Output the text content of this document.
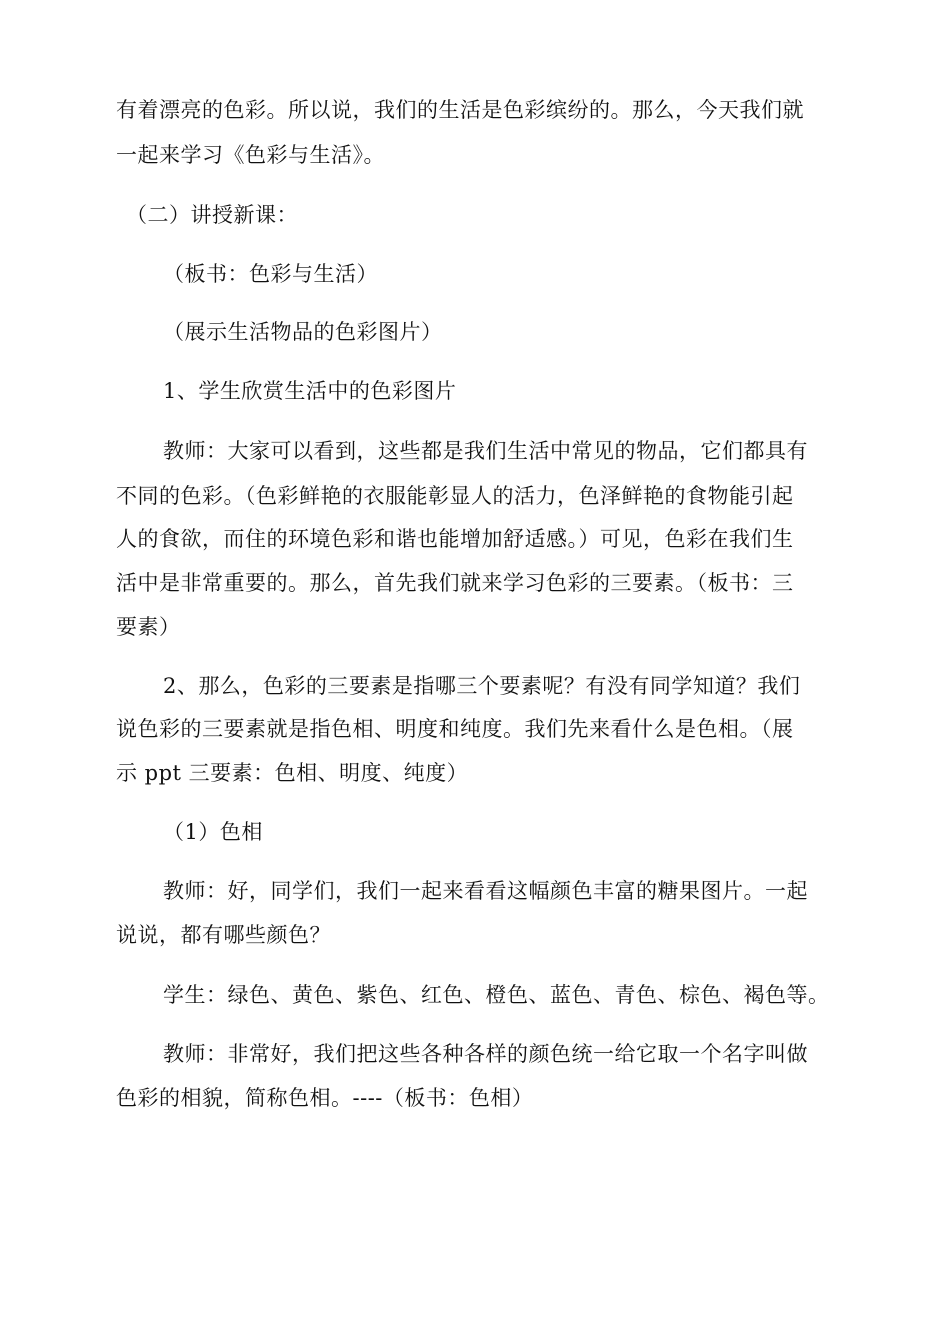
有着漂亮的色彩。所以说，我们的生活是色彩缤纷的。那么，今天我们就
一起来学习《色彩与生活》。
（二）讲授新课：
（板书：色彩与生活）
（展示生活物品的色彩图片）
1、学生欣赏生活中的色彩图片
教师：大家可以看到，这些都是我们生活中常见的物品，它们都具有
不同的色彩。（色彩鲜艳的衣服能彰显人的活力，色泽鲜艳的食物能引起
人的食欲，而住的环境色彩和谐也能增加舒适感。）可见，色彩在我们生
活中是非常重要的。那么，首先我们就来学习色彩的三要素。（板书：三
要素）
2、那么，色彩的三要素是指哪三个要素呢？有没有同学知道？我们
说色彩的三要素就是指色相、明度和纯度。我们先来看什么是色相。（展
示 ppt 三要素：色相、明度、纯度）
（1）色相
教师：好，同学们，我们一起来看看这幅颜色丰富的糖果图片。一起
说说，都有哪些颜色？
学生：绿色、黄色、紫色、红色、橙色、蓝色、青色、棕色、褐色等。
教师：非常好，我们把这些各种各样的颜色统一给它取一个名字叫做
色彩的相貌，简称色相。----（板书：色相）
